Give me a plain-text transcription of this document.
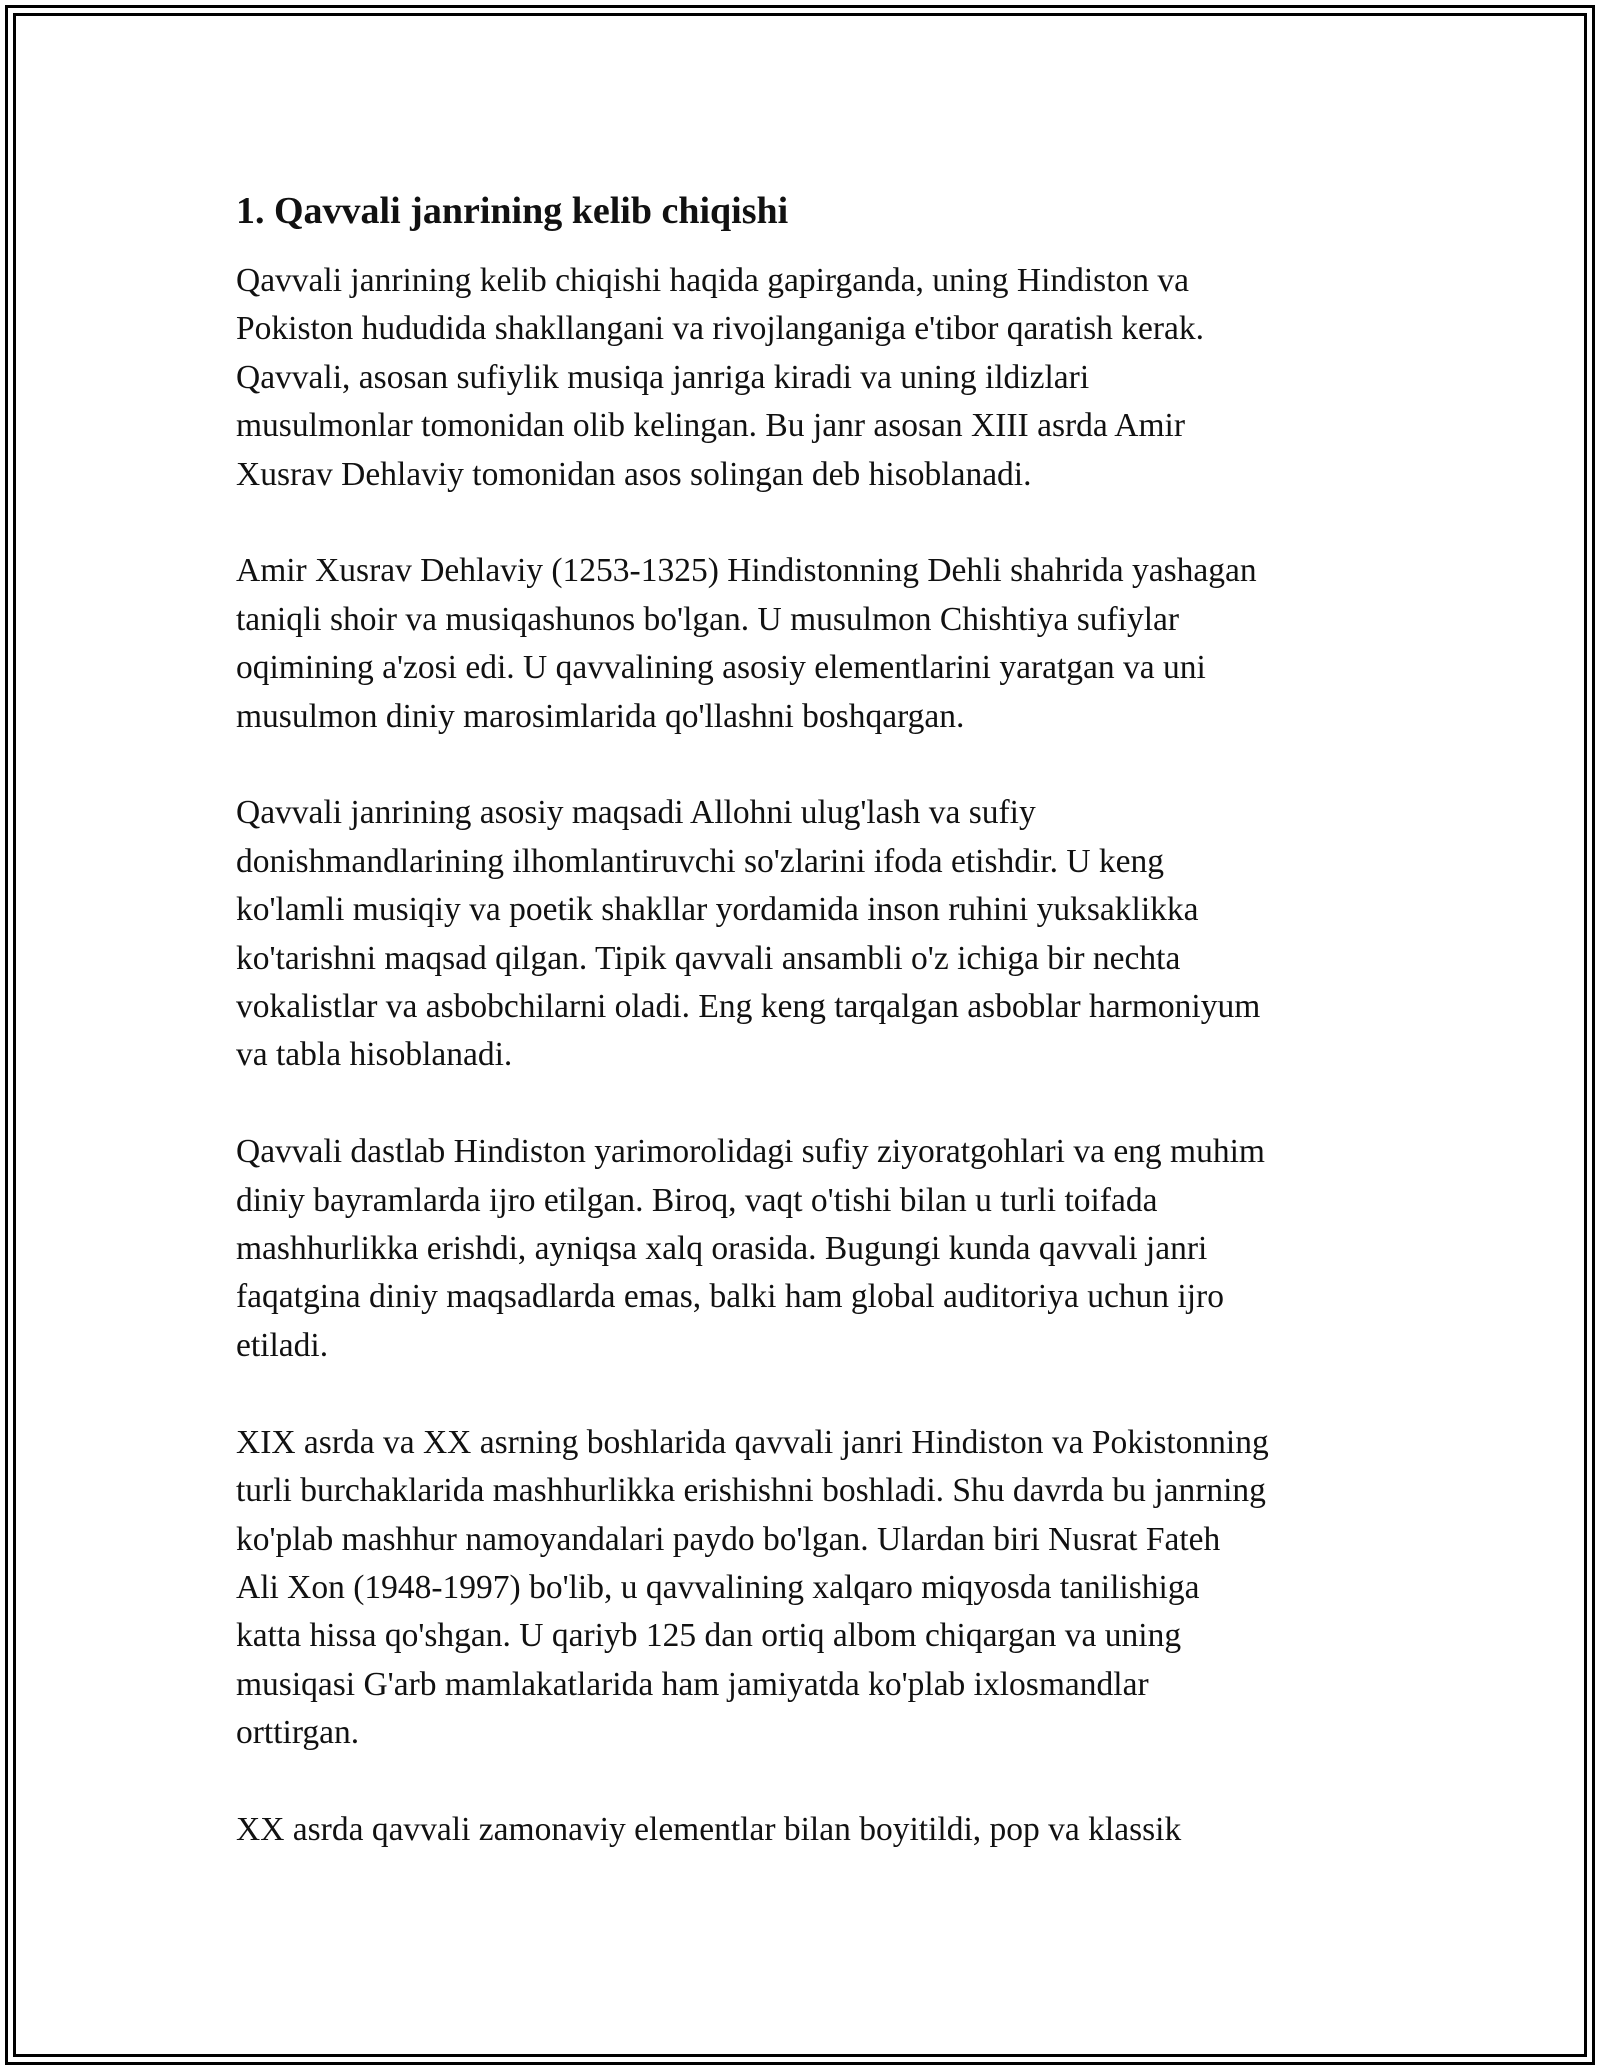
1. Qavvali janrining kelib chiqishi
Qavvali janrining kelib chiqishi haqida gapirganda, uning Hindiston va
Pokiston hududida shakllangani va rivojlanganiga e'tibor qaratish kerak.
Qavvali, asosan sufiylik musiqa janriga kiradi va uning ildizlari
musulmonlar tomonidan olib kelingan. Bu janr asosan XIII asrda Amir
Xusrav Dehlaviy tomonidan asos solingan deb hisoblanadi.
Amir Xusrav Dehlaviy (1253-1325) Hindistonning Dehli shahrida yashagan
taniqli shoir va musiqashunos bo'lgan. U musulmon Chishtiya sufiylar
oqimining a'zosi edi. U qavvalining asosiy elementlarini yaratgan va uni
musulmon diniy marosimlarida qo'llashni boshqargan.
Qavvali janrining asosiy maqsadi Allohni ulug'lash va sufiy
donishmandlarining ilhomlantiruvchi so'zlarini ifoda etishdir. U keng
ko'lamli musiqiy va poetik shakllar yordamida inson ruhini yuksaklikka
ko'tarishni maqsad qilgan. Tipik qavvali ansambli o'z ichiga bir nechta
vokalistlar va asbobchilarni oladi. Eng keng tarqalgan asboblar harmoniyum
va tabla hisoblanadi.
Qavvali dastlab Hindiston yarimorolidagi sufiy ziyoratgohlari va eng muhim
diniy bayramlarda ijro etilgan. Biroq, vaqt o'tishi bilan u turli toifada
mashhurlikka erishdi, ayniqsa xalq orasida. Bugungi kunda qavvali janri
faqatgina diniy maqsadlarda emas, balki ham global auditoriya uchun ijro
etiladi.
XIX asrda va XX asrning boshlarida qavvali janri Hindiston va Pokistonning
turli burchaklarida mashhurlikka erishishni boshladi. Shu davrda bu janrning
ko'plab mashhur namoyandalari paydo bo'lgan. Ulardan biri Nusrat Fateh
Ali Xon (1948-1997) bo'lib, u qavvalining xalqaro miqyosda tanilishiga
katta hissa qo'shgan. U qariyb 125 dan ortiq albom chiqargan va uning
musiqasi G'arb mamlakatlarida ham jamiyatda ko'plab ixlosmandlar
orttirgan.
XX asrda qavvali zamonaviy elementlar bilan boyitildi, pop va klassik
